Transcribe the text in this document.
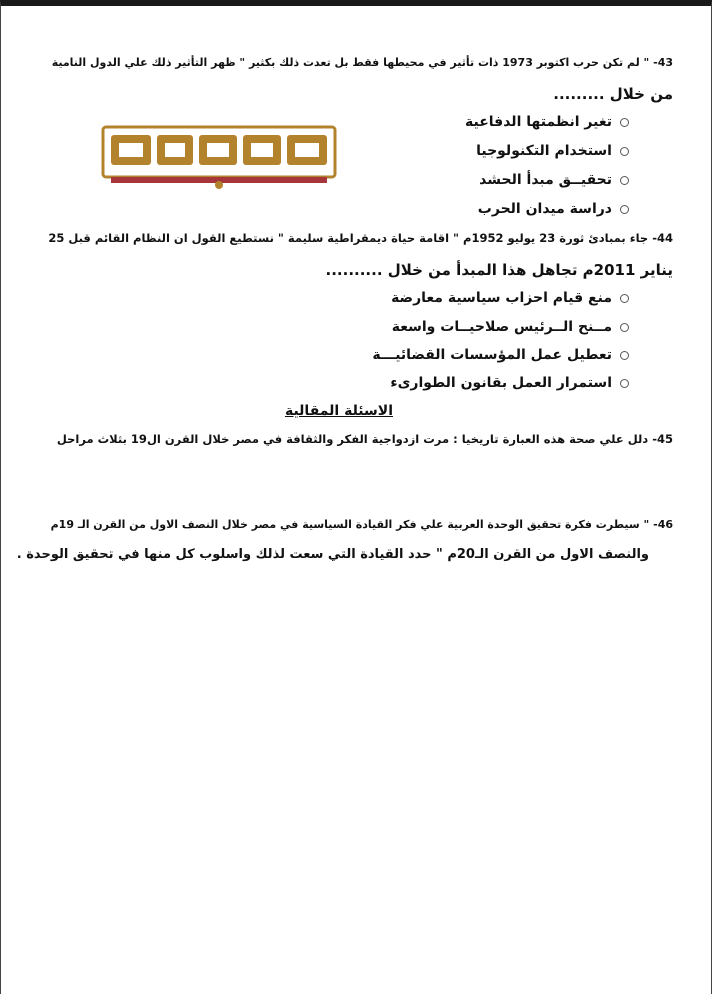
43- " لم تكن حرب اكتوبر 1973 ذات تأثير في محيطها فقط بل تعدت ذلك بكثير " ظهر التأثير ذلك علي الدول النامية
من خلال .........
تغير انظمتها الدفاعية
استخدام التكنولوجيا
تحقيــق مبدأ الحشد
دراسة ميدان الحرب
44- جاء بمبادئ ثورة 23 يوليو 1952م " اقامة حياة ديمقراطية سليمة " نستطيع القول ان النظام القائم قبل 25
يناير 2011م تجاهل هذا المبدأ من خلال ..........
منع قيام احزاب سياسية معارضة
مــنح الــرئيس صلاحيــات واسعة
تعطيل عمل المؤسسات القضائيـــة
استمرار العمل بقانون الطوارىء
الاسئلة المقالية
45- دلل علي صحة هذه العبارة تاريخيا : مرت ازدواجية الفكر والثقافة في مصر خلال القرن ال19 بثلاث مراحل
46- " سيطرت فكرة تحقيق الوحدة العربية علي فكر القيادة السياسية في مصر خلال النصف الاول من القرن الـ 19م
والنصف الاول من القرن الـ20م " حدد القيادة التي سعت لذلك واسلوب كل منها في تحقيق الوحدة .
